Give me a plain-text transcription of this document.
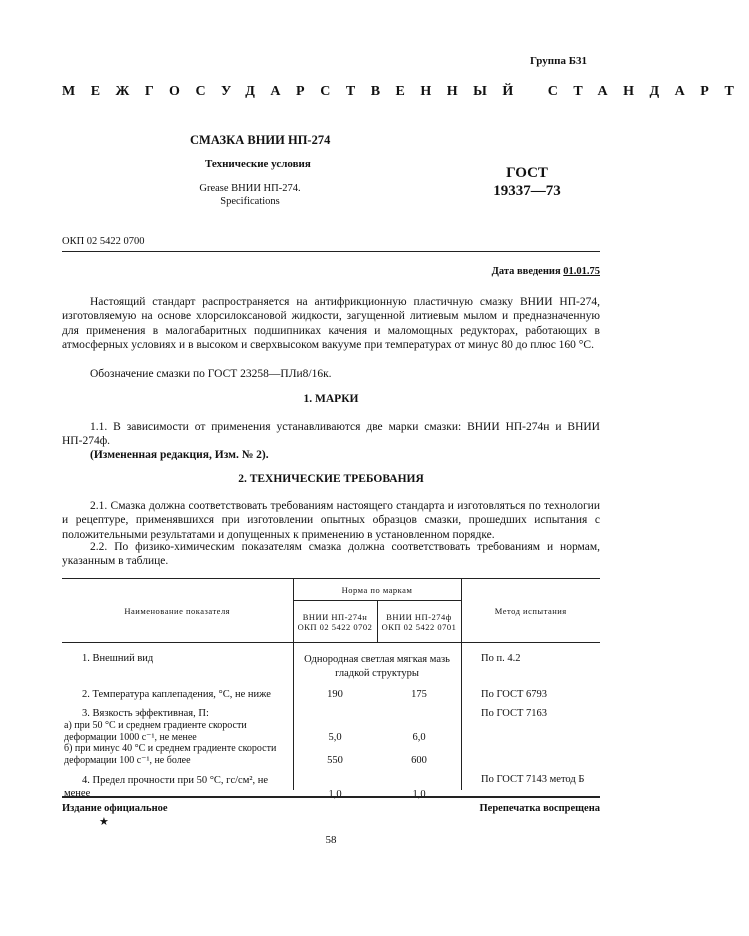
Группа Б31
МЕЖГОСУДАРСТВЕННЫЙ СТАНДАРТ
СМАЗКА ВНИИ НП-274
Технические условия
Grease ВНИИ НП-274.
Specifications
ГОСТ
19337—73
ОКП 02 5422 0700
Дата введения 01.01.75
Настоящий стандарт распространяется на антифрикционную пластичную смазку ВНИИ НП-274, изготовляемую на основе хлорсилоксановой жидкости, загущенной литиевым мылом и предназначенную для применения в малогабаритных подшипниках качения и маломощных редукторах, работающих в атмосферных условиях и в высоком и сверхвысоком вакууме при температурах от минус 80 до плюс 160 °С.
Обозначение смазки по ГОСТ 23258—ПЛи8/16к.
1. МАРКИ
1.1. В зависимости от применения устанавливаются две марки смазки: ВНИИ НП-274н и ВНИИ НП-274ф.
(Измененная редакция, Изм. № 2).
2. ТЕХНИЧЕСКИЕ ТРЕБОВАНИЯ
2.1. Смазка должна соответствовать требованиям настоящего стандарта и изготовляться по технологии и рецептуре, применявшихся при изготовлении опытных образцов смазки, прошедших испытания с положительными результатами и допущенных к применению в установленном порядке.
2.2. По физико-химическим показателям смазка должна соответствовать требованиям и нормам, указанным в таблице.
Наименование показателя	Норма по маркам		Метод испытания
	ВНИИ НП-274н ОКП 02 5422 0702	ВНИИ НП-274ф ОКП 02 5422 0701	
1. Внешний вид	Однородная светлая мягкая мазь гладкой структуры		По п. 4.2
2. Температура каплепадения, °С, не ниже	190	175	По ГОСТ 6793
3. Вязкость эффективная, П:			По ГОСТ 7163
а) при 50 °С и среднем градиенте скорости деформации 1000 с⁻¹, не менее	5,0	6,0	
б) при минус 40 °С и среднем градиенте скорости деформации 100 с⁻¹, не более	550	600	
4. Предел прочности при 50 °С, гс/см², не менее	1,0	1,0	По ГОСТ 7143 метод Б
Издание официальное	Перепечатка воспрещена
★
58
